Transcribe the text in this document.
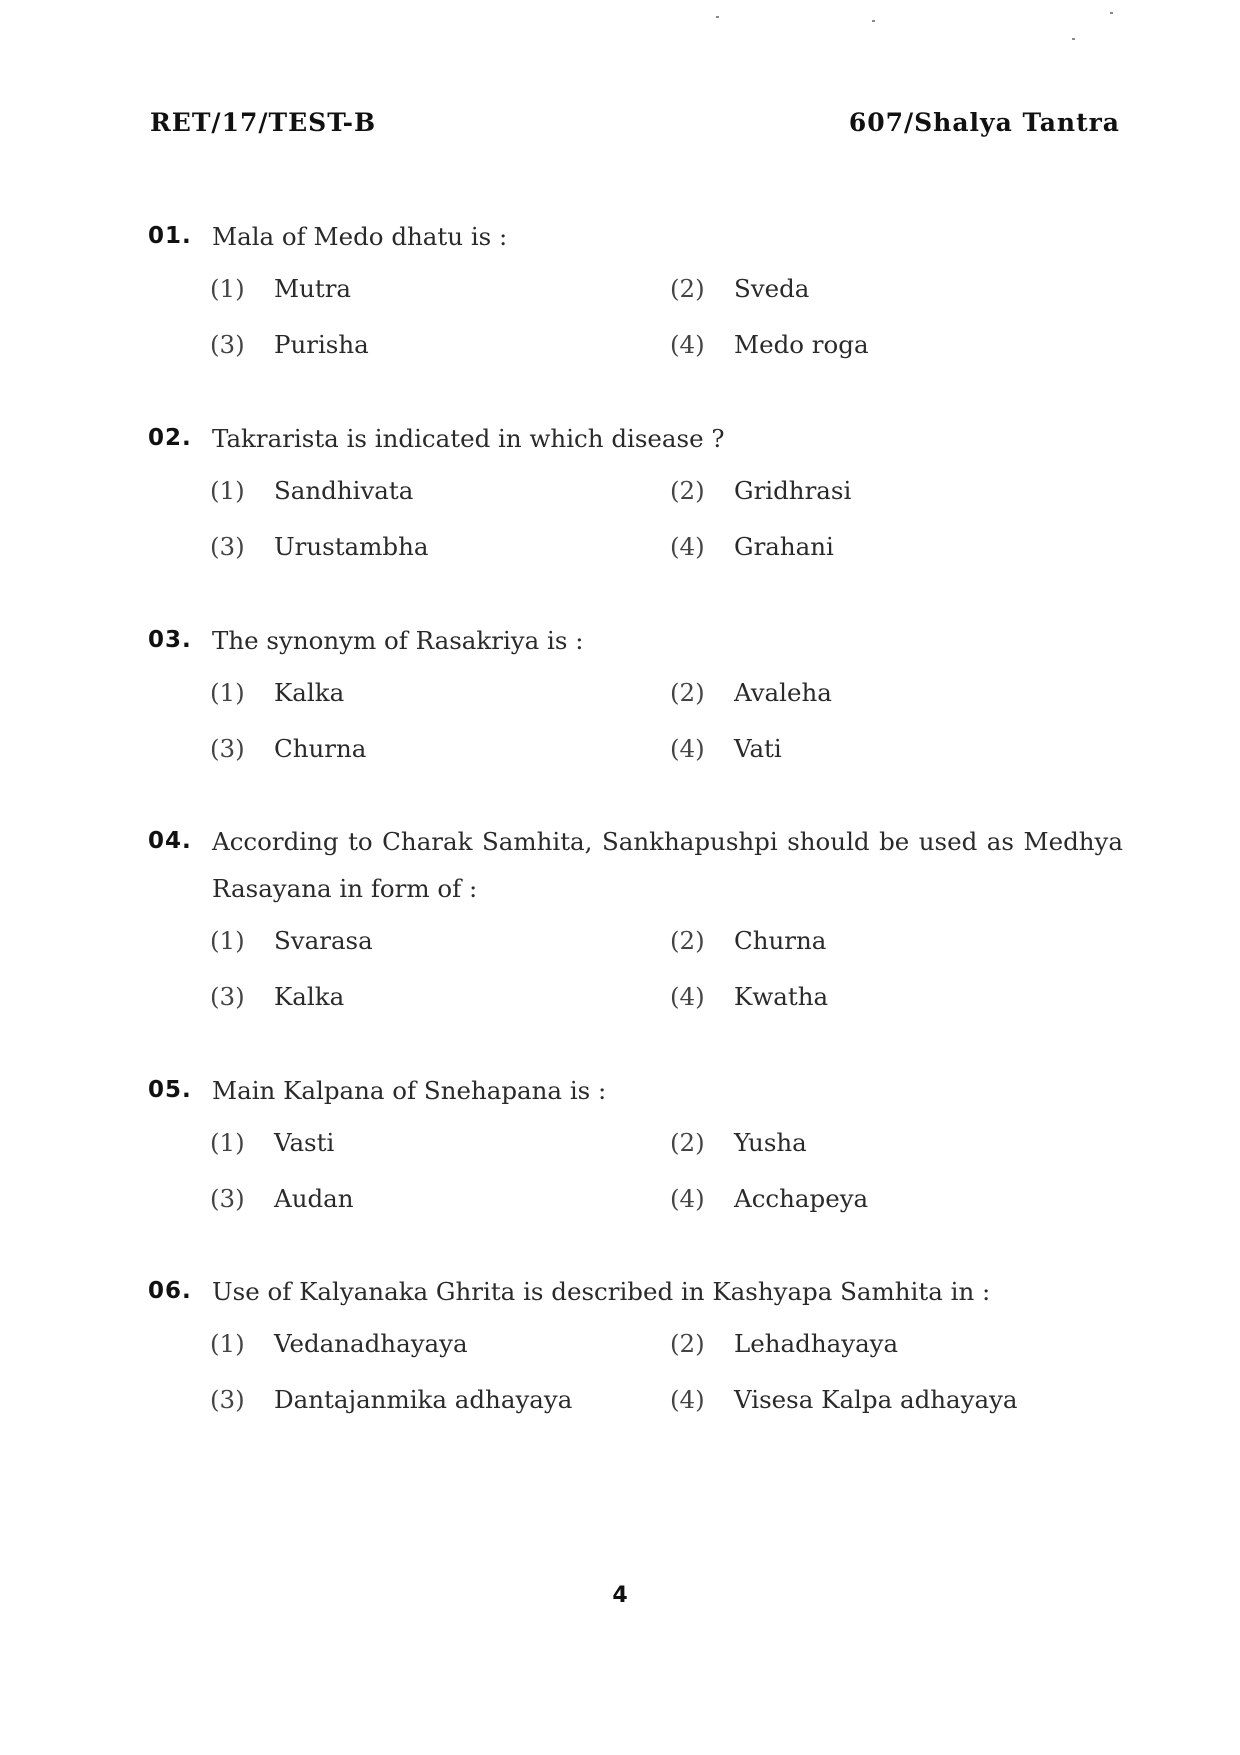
RET/17/TEST-B	607/Shalya Tantra
01. Mala of Medo dhatu is :
(1)	Mutra	(2)	Sveda
(3)	Purisha	(4)	Medo roga
02. Takrarista is indicated in which disease ?
(1)	Sandhivata	(2)	Gridhrasi
(3)	Urustambha	(4)	Grahani
03. The synonym of Rasakriya is :
(1)	Kalka	(2)	Avaleha
(3)	Churna	(4)	Vati
04. According to Charak Samhita, Sankhapushpi should be used as Medhya Rasayana in form of :
(1)	Svarasa	(2)	Churna
(3)	Kalka	(4)	Kwatha
05. Main Kalpana of Snehapana is :
(1)	Vasti	(2)	Yusha
(3)	Audan	(4)	Acchapeya
06. Use of Kalyanaka Ghrita is described in Kashyapa Samhita in :
(1)	Vedanadhayaya	(2)	Lehadhayaya
(3)	Dantajanmika adhayaya	(4)	Visesa Kalpa adhayaya
4
